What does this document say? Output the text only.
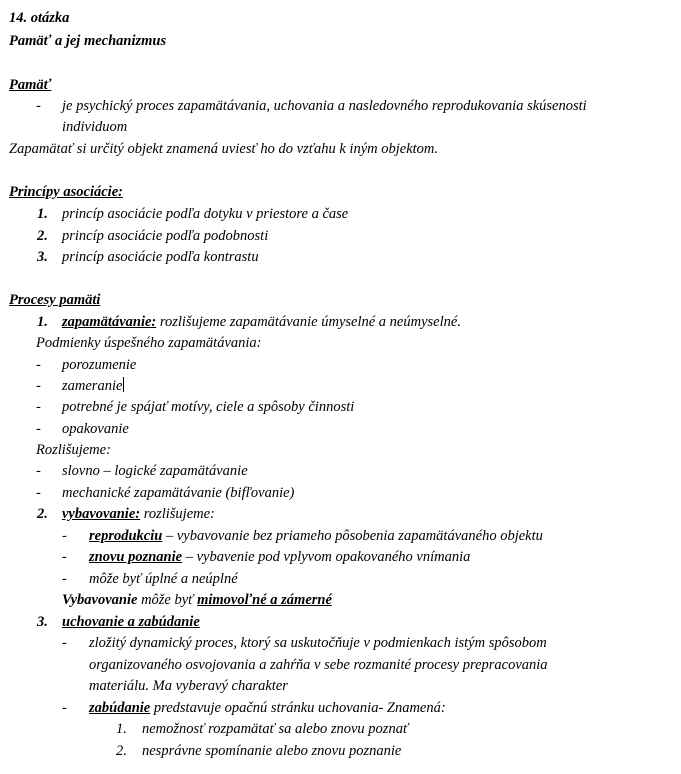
14. otázka
Pamäť a jej mechanizmus
Pamäť
- je psychický proces zapamätávania, uchovania a nasledovného reprodukovania skúsenosti
individuom
Zapamätať si určitý objekt znamená uviesť ho do vzťahu k iným objektom.
Princípy asociácie:
1. princíp asociácie podľa dotyku v priestore a čase
2. princíp asociácie podľa podobnosti
3. princíp asociácie podľa kontrastu
Procesy pamäti
1. zapamätávanie: rozlišujeme zapamätávanie úmyselné a neúmyselné.
Podmienky úspešného zapamätávania:
- porozumenie
- zameranie
- potrebné je spájať motívy, ciele a spôsoby činnosti
- opakovanie
Rozlišujeme:
- slovno – logické zapamätávanie
- mechanické zapamätávanie (bifľovanie)
2. vybavovanie: rozlišujeme:
- reprodukciu – vybavovanie bez priameho pôsobenia zapamätávaného objektu
- znovu poznanie – vybavenie pod vplyvom opakovaného vnímania
- môže byť úplné a neúplné
Vybavovanie môže byť mimovoľné a zámerné
3. uchovanie a zabúdanie
- zložitý dynamický proces, ktorý sa uskutočňuje v podmienkach istým spôsobom
organizovaného osvojovania a zahŕňa v sebe rozmanité procesy prepracovania
materiálu. Ma vyberavý charakter
- zabúdanie predstavuje opačnú stránku uchovania- Znamená:
1. nemožnosť rozpamätať sa alebo znovu poznať
2. nesprávne spomínanie alebo znovu poznanie
